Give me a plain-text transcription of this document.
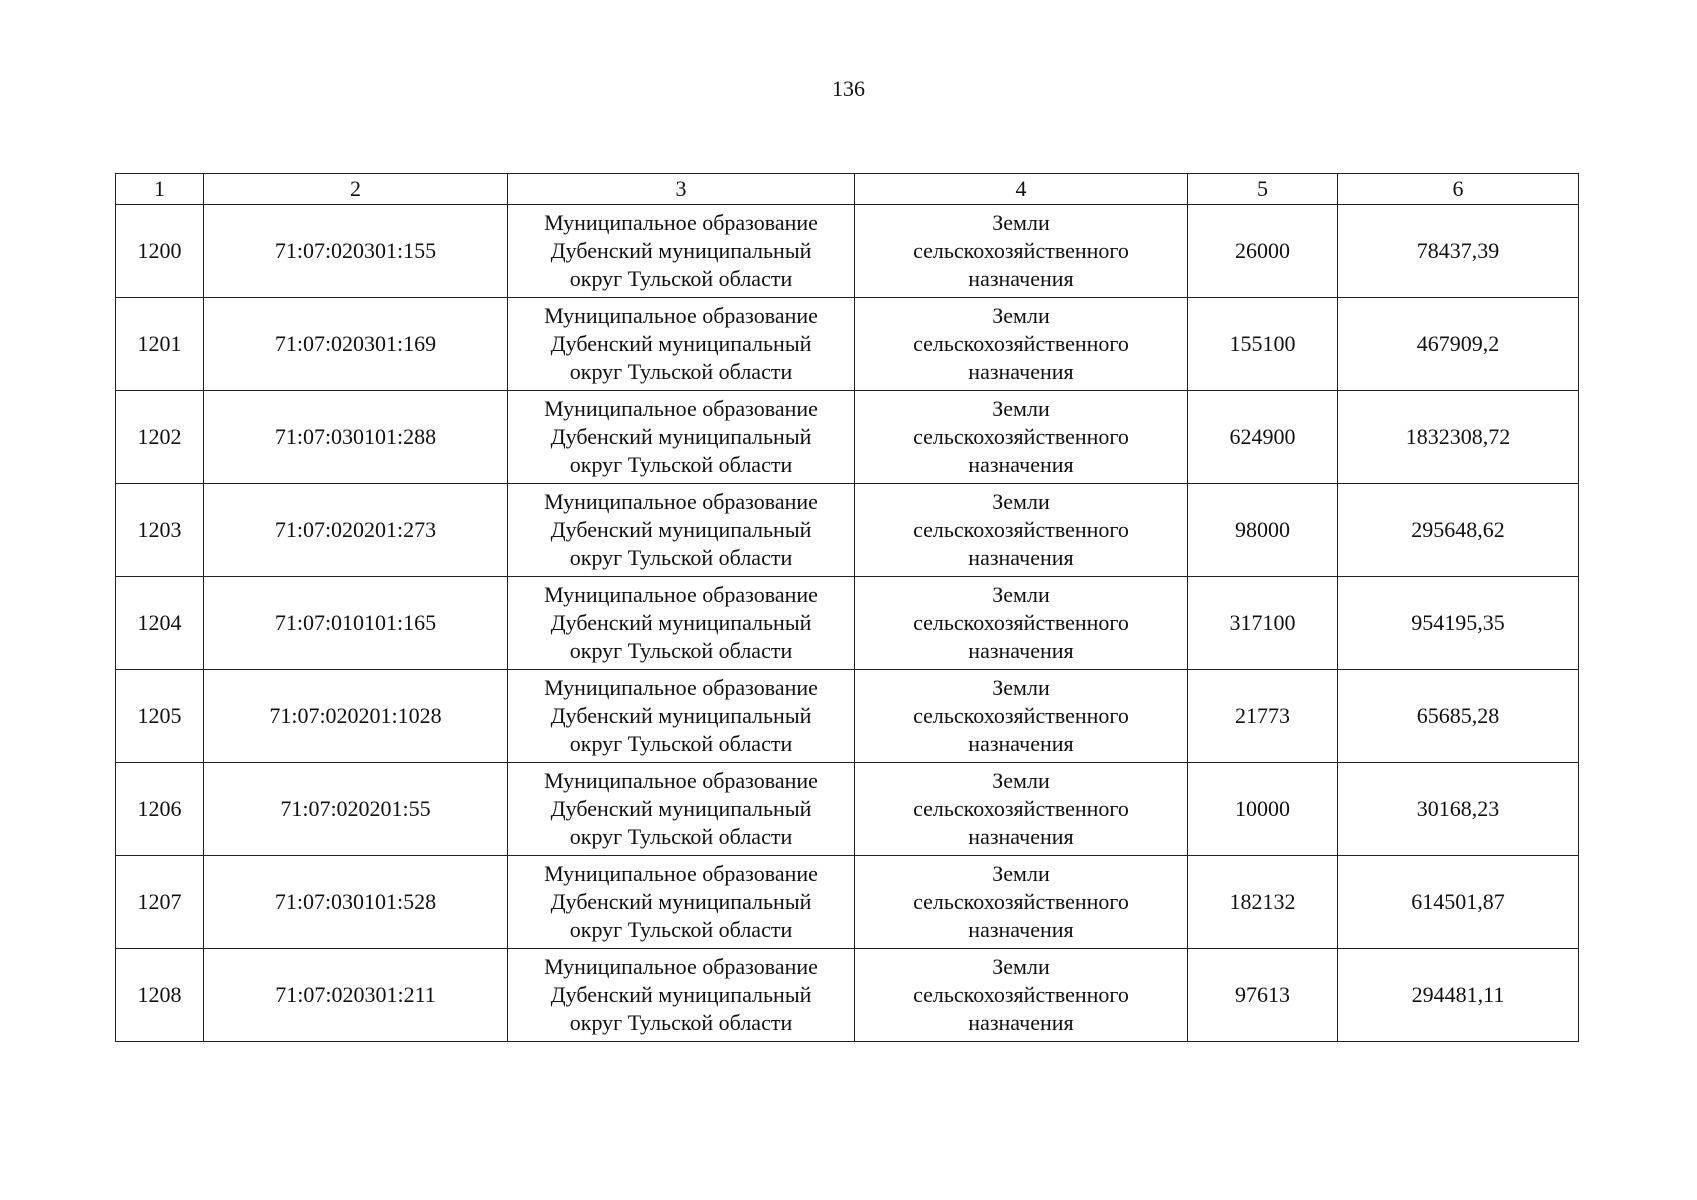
136
1	2	3	4	5	6
1200	71:07:020301:155	Муниципальное образование
Дубенский муниципальный
округ Тульской области	Земли
сельскохозяйственного
назначения	26000	78437,39
1201	71:07:020301:169	Муниципальное образование
Дубенский муниципальный
округ Тульской области	Земли
сельскохозяйственного
назначения	155100	467909,2
1202	71:07:030101:288	Муниципальное образование
Дубенский муниципальный
округ Тульской области	Земли
сельскохозяйственного
назначения	624900	1832308,72
1203	71:07:020201:273	Муниципальное образование
Дубенский муниципальный
округ Тульской области	Земли
сельскохозяйственного
назначения	98000	295648,62
1204	71:07:010101:165	Муниципальное образование
Дубенский муниципальный
округ Тульской области	Земли
сельскохозяйственного
назначения	317100	954195,35
1205	71:07:020201:1028	Муниципальное образование
Дубенский муниципальный
округ Тульской области	Земли
сельскохозяйственного
назначения	21773	65685,28
1206	71:07:020201:55	Муниципальное образование
Дубенский муниципальный
округ Тульской области	Земли
сельскохозяйственного
назначения	10000	30168,23
1207	71:07:030101:528	Муниципальное образование
Дубенский муниципальный
округ Тульской области	Земли
сельскохозяйственного
назначения	182132	614501,87
1208	71:07:020301:211	Муниципальное образование
Дубенский муниципальный
округ Тульской области	Земли
сельскохозяйственного
назначения	97613	294481,11
